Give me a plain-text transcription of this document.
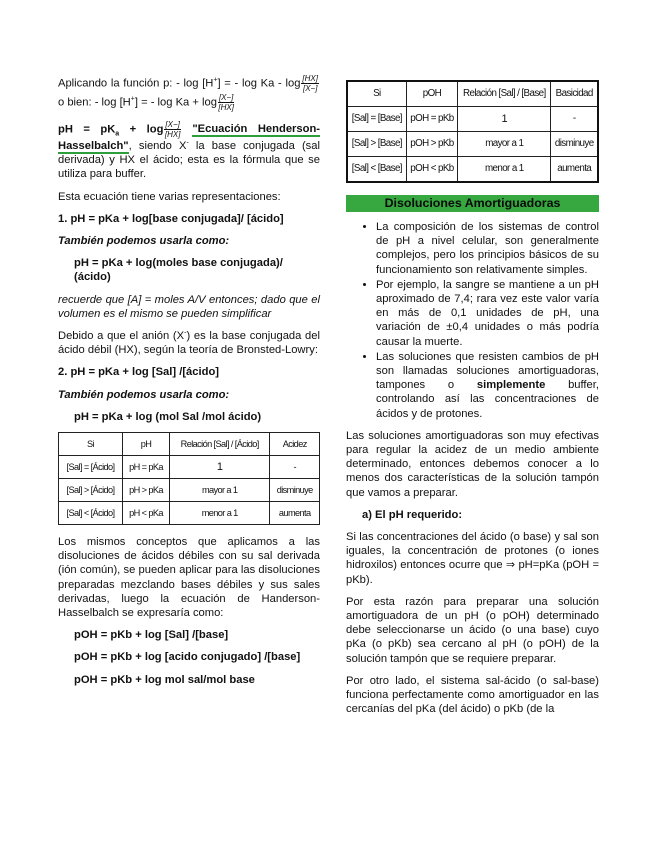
Aplicando la función p: - log [H+] = - log Ka - $\log \frac{[HX]}{[X-]}$
o bien: - log [H+] = - $\log Ka + \log \frac{[X-]}{[HX]}$

pH = $pK_a + \log \frac{[X-]}{[HX]}$ "Ecuación Henderson-Hasselbalch", siendo X- la base conjugada (sal derivada) y HX el ácido; esta es la fórmula que se utiliza para buffer.

Esta ecuación tiene varias representaciones:

1. pH = pKa + log[base conjugada]/ [ácido]

También podemos usarla como:

pH = pKa + log(moles base conjugada)/ (ácido)

recuerde que [A] = moles A/V entonces; dado que el volumen es el mismo se pueden simplificar

Debido a que el anión (X-) es la base conjugada del ácido débil (HX), según la teoría de Bronsted-Lowry:

2. pH = pKa + log [Sal] /[ácido]

También podemos usarla como:

pH = pKa + log (mol Sal /mol ácido)

Si	pH	Relación [Sal] / [Ácido]	Acidez
[Sal] = [Ácido]	pH = pKa	1	-
[Sal] > [Ácido]	pH > pKa	mayor a 1	disminuye
[Sal] < [Ácido]	pH < pKa	menor a 1	aumenta

Los mismos conceptos que aplicamos a las disoluciones de ácidos débiles con su sal derivada (ión común), se pueden aplicar para las disoluciones preparadas mezclando bases débiles y sus sales derivadas, luego la ecuación de Handerson-Hasselbalch se expresaría como:

pOH = pKb + log [Sal] /[base]

pOH = pKb + log [acido conjugado] /[base]

pOH = pKb + log mol sal/mol base

Si	pOH	Relación [Sal] / [Base]	Basicidad
[Sal] = [Base]	pOH = pKb	1	-
[Sal] > [Base]	pOH > pKb	mayor a 1	disminuye
[Sal] < [Base]	pOH < pKb	menor a 1	aumenta
Disoluciones Amortiguadoras
• La composición de los sistemas de control de pH a nivel celular, son generalmente complejos, pero los principios básicos de su funcionamiento son relativamente simples.
• Por ejemplo, la sangre se mantiene a un pH aproximado de 7,4; rara vez este valor varía en más de 0,1 unidades de pH, una variación de ±0,4 unidades o más podría causar la muerte.
• Las soluciones que resisten cambios de pH son llamadas soluciones amortiguadoras, tampones o simplemente buffer, controlando así las concentraciones de ácidos y de protones.

Las soluciones amortiguadoras son muy efectivas para regular la acidez de un medio ambiente determinado, entonces debemos conocer a lo menos dos características de la solución tampón que vamos a preparar.

a) El pH requerido:

Si las concentraciones del ácido (o base) y sal son iguales, la concentración de protones (o iones hidroxilos) entonces ocurre que ⇒ pH=pKa (pOH = pKb).

Por esta razón para preparar una solución amortiguadora de un pH (o pOH) determinado debe seleccionarse un ácido (o una base) cuyo pKa (o pKb) sea cercano al pH (o pOH) de la solución tampón que se requiere preparar.

Por otro lado, el sistema sal-ácido (o sal-base) funciona perfectamente como amortiguador en las cercanías del pKa (del ácido) o pKb (de la
